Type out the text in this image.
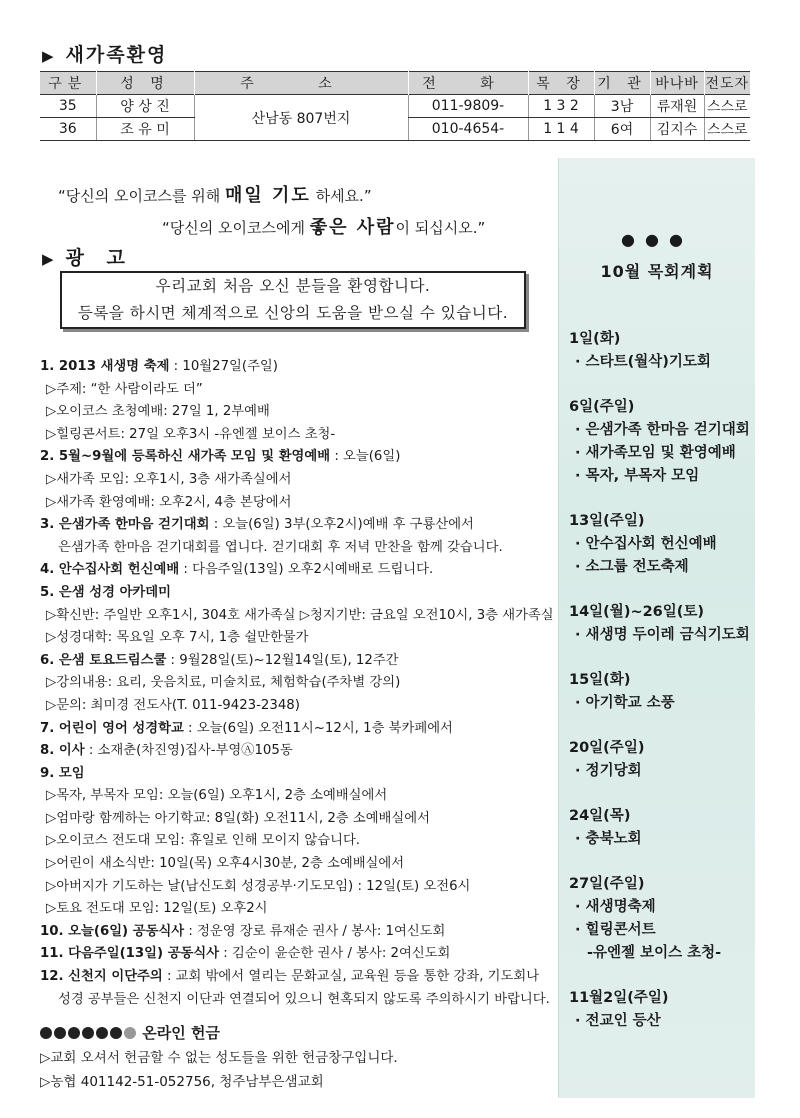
▶ 새가족환영
구분	성 명	주 소	전 화	목 장	기 관	바나바	전도자
35	양 상 진	산남동 807번지	011-9809-	1 3 2	3남	류재원	스스로
36	조 유 미		010-4654-	1 1 4	6여	김지수	스스로
“당신의 오이코스를 위해 매일 기도 하세요.”
“당신의 오이코스에게 좋은 사람이 되십시오.”
▶ 광 고
우리교회 처음 오신 분들을 환영합니다.
등록을 하시면 체계적으로 신앙의 도움을 받으실 수 있습니다.
1. 2013 새생명 축제 : 10월27일(주일)
▷주제: “한 사람이라도 더”
▷오이코스 초청예배: 27일 1, 2부예배
▷힐링콘서트: 27일 오후3시 -유엔젤 보이스 초청-
2. 5월~9월에 등록하신 새가족 모임 및 환영예배 : 오늘(6일)
▷새가족 모임: 오후1시, 3층 새가족실에서
▷새가족 환영예배: 오후2시, 4층 본당에서
3. 은샘가족 한마음 걷기대회 : 오늘(6일) 3부(오후2시)예배 후 구룡산에서
은샘가족 한마음 걷기대회를 엽니다. 걷기대회 후 저녁 만찬을 함께 갖습니다.
4. 안수집사회 헌신예배 : 다음주일(13일) 오후2시예배로 드립니다.
5. 은샘 성경 아카데미
▷확신반: 주일반 오후1시, 304호 새가족실 ▷청지기반: 금요일 오전10시, 3층 새가족실
▷성경대학: 목요일 오후 7시, 1층 쉴만한물가
6. 은샘 토요드림스쿨 : 9월28일(토)~12월14일(토), 12주간
▷강의내용: 요리, 웃음치료, 미술치료, 체험학습(주차별 강의)
▷문의: 최미경 전도사(T. 011-9423-2348)
7. 어린이 영어 성경학교 : 오늘(6일) 오전11시~12시, 1층 북카페에서
8. 이사 : 소재춘(차진영)집사-부영Ⓐ105동
9. 모임
▷목자, 부목자 모임: 오늘(6일) 오후1시, 2층 소예배실에서
▷엄마랑 함께하는 아기학교: 8일(화) 오전11시, 2층 소예배실에서
▷오이코스 전도대 모임: 휴일로 인해 모이지 않습니다.
▷어린이 새소식반: 10일(목) 오후4시30분, 2층 소예배실에서
▷아버지가 기도하는 날(남신도회 성경공부·기도모임) : 12일(토) 오전6시
▷토요 전도대 모임: 12일(토) 오후2시
10. 오늘(6일) 공동식사 : 정운영 장로 류재순 권사 / 봉사: 1여신도회
11. 다음주일(13일) 공동식사 : 김순이 윤순한 권사 / 봉사: 2여신도회
12. 신천지 이단주의 : 교회 밖에서 열리는 문화교실, 교육원 등을 통한 강좌, 기도회나
성경 공부들은 신천지 이단과 연결되어 있으니 현혹되지 않도록 주의하시기 바랍니다.
온라인 헌금
▷교회 오셔서 헌금할 수 없는 성도들을 위한 헌금창구입니다.
▷농협 401142-51-052756, 청주남부은샘교회
●●●
10월 목회계획
1일(화)
· 스타트(월삭)기도회
6일(주일)
· 은샘가족 한마음 걷기대회
· 새가족모임 및 환영예배
· 목자, 부목자 모임
13일(주일)
· 안수집사회 헌신예배
· 소그룹 전도축제
14일(월)~26일(토)
· 새생명 두이레 금식기도회
15일(화)
· 아기학교 소풍
20일(주일)
· 정기당회
24일(목)
· 충북노회
27일(주일)
· 새생명축제
· 힐링콘서트
-유엔젤 보이스 초청-
11월2일(주일)
· 전교인 등산
